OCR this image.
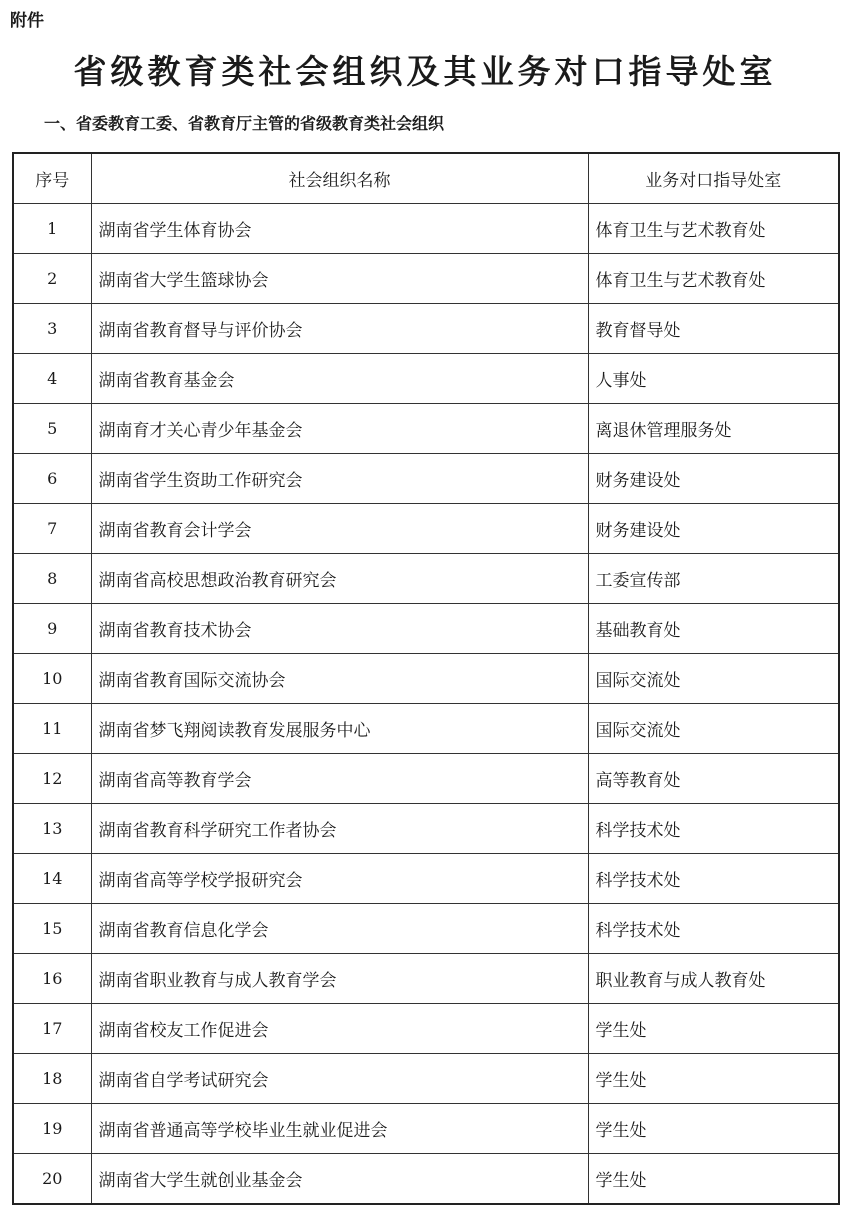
附件
省级教育类社会组织及其业务对口指导处室
一、省委教育工委、省教育厅主管的省级教育类社会组织
序号	社会组织名称	业务对口指导处室
1	湖南省学生体育协会	体育卫生与艺术教育处
2	湖南省大学生篮球协会	体育卫生与艺术教育处
3	湖南省教育督导与评价协会	教育督导处
4	湖南省教育基金会	人事处
5	湖南育才关心青少年基金会	离退休管理服务处
6	湖南省学生资助工作研究会	财务建设处
7	湖南省教育会计学会	财务建设处
8	湖南省高校思想政治教育研究会	工委宣传部
9	湖南省教育技术协会	基础教育处
10	湖南省教育国际交流协会	国际交流处
11	湖南省梦飞翔阅读教育发展服务中心	国际交流处
12	湖南省高等教育学会	高等教育处
13	湖南省教育科学研究工作者协会	科学技术处
14	湖南省高等学校学报研究会	科学技术处
15	湖南省教育信息化学会	科学技术处
16	湖南省职业教育与成人教育学会	职业教育与成人教育处
17	湖南省校友工作促进会	学生处
18	湖南省自学考试研究会	学生处
19	湖南省普通高等学校毕业生就业促进会	学生处
20	湖南省大学生就创业基金会	学生处
